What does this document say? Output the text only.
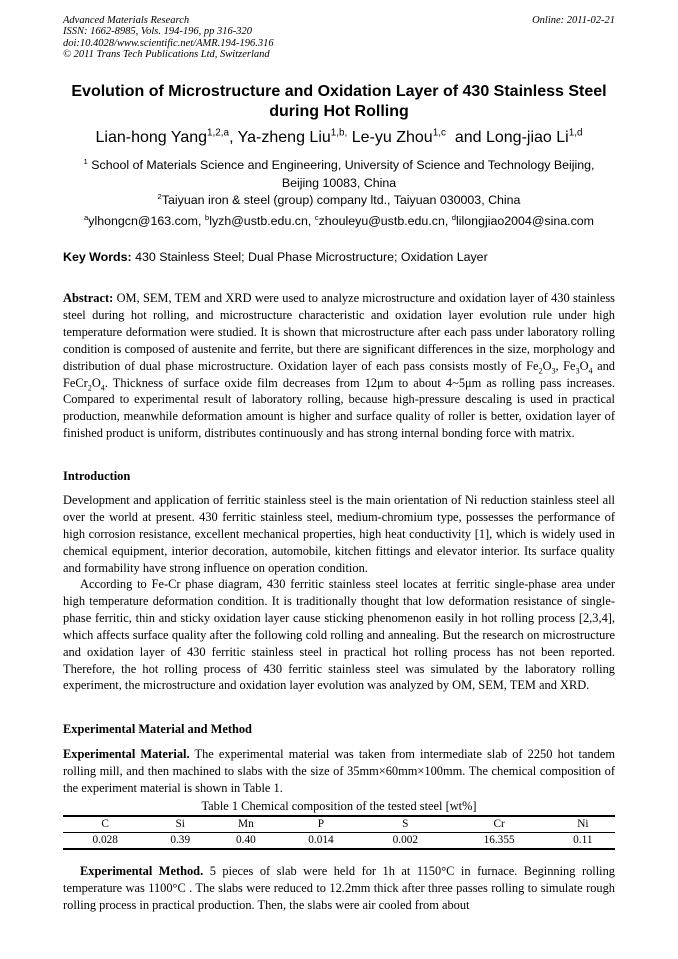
Advanced Materials Research
ISSN: 1662-8985, Vols. 194-196, pp 316-320
doi:10.4028/www.scientific.net/AMR.194-196.316
© 2011 Trans Tech Publications Ltd, Switzerland
Online: 2011-02-21
Evolution of Microstructure and Oxidation Layer of 430 Stainless Steel
during Hot Rolling
Lian-hong Yang$^{1,2,a}$, Ya-zheng Liu$^{1,b,}$ Le-yu Zhou$^{1,c}$ and Long-jiao Li$^{1,d}$
$^1$ School of Materials Science and Engineering, University of Science and Technology Beijing,
Beijing 10083, China
$^2$Taiyuan iron & steel (group) company ltd., Taiyuan 030003, China
$^a$ylhongcn@163.com, $^b$lyzh@ustb.edu.cn, $^c$zhouleyu@ustb.edu.cn, $^d$lilongjiao2004@sina.com
Key Words: 430 Stainless Steel; Dual Phase Microstructure; Oxidation Layer
Abstract: OM, SEM, TEM and XRD were used to analyze microstructure and oxidation layer of 430 stainless steel during hot rolling, and microstructure characteristic and oxidation layer evolution rule under high temperature deformation were studied. It is shown that microstructure after each pass under laboratory rolling condition is composed of austenite and ferrite, but there are significant differences in the size, morphology and distribution of dual phase microstructure. Oxidation layer of each pass consists mostly of $Fe_2O_3$, $Fe_3O_4$ and $FeCr_2O_4$. Thickness of surface oxide film decreases from 12μm to about 4~5μm as rolling pass increases. Compared to experimental result of laboratory rolling, because high-pressure descaling is used in practical production, meanwhile deformation amount is higher and surface quality of roller is better, oxidation layer of finished product is uniform, distributes continuously and has strong internal bonding force with matrix.
Introduction
Development and application of ferritic stainless steel is the main orientation of Ni reduction stainless steel all over the world at present. 430 ferritic stainless steel, medium-chromium type, possesses the performance of high corrosion resistance, excellent mechanical properties, high heat conductivity [1], which is widely used in chemical equipment, interior decoration, automobile, kitchen fittings and elevator interior. Its surface quality and formability have strong influence on operation condition.
According to Fe-Cr phase diagram, 430 ferritic stainless steel locates at ferritic single-phase area under high temperature deformation condition. It is traditionally thought that low deformation resistance of single-phase ferritic, thin and sticky oxidation layer cause sticking phenomenon easily in hot rolling process [2,3,4], which affects surface quality after the following cold rolling and annealing. But the research on microstructure and oxidation layer of 430 ferritic stainless steel in practical hot rolling process has not been reported. Therefore, the hot rolling process of 430 ferritic stainless steel was simulated by the laboratory rolling experiment, the microstructure and oxidation layer evolution was analyzed by OM, SEM, TEM and XRD.
Experimental Material and Method
Experimental Material. The experimental material was taken from intermediate slab of 2250 hot tandem rolling mill, and then machined to slabs with the size of 35mm×60mm×100mm. The chemical composition of the experiment material is shown in Table 1.
Table 1 Chemical composition of the tested steel [wt%]
C	Si	Mn	P	S	Cr	Ni
0.028	0.39	0.40	0.014	0.002	16.355	0.11
Experimental Method. 5 pieces of slab were held for 1h at 1150°C in furnace. Beginning rolling temperature was 1100°C . The slabs were reduced to 12.2mm thick after three passes rolling to simulate rough rolling process in practical production. Then, the slabs were air cooled from about
